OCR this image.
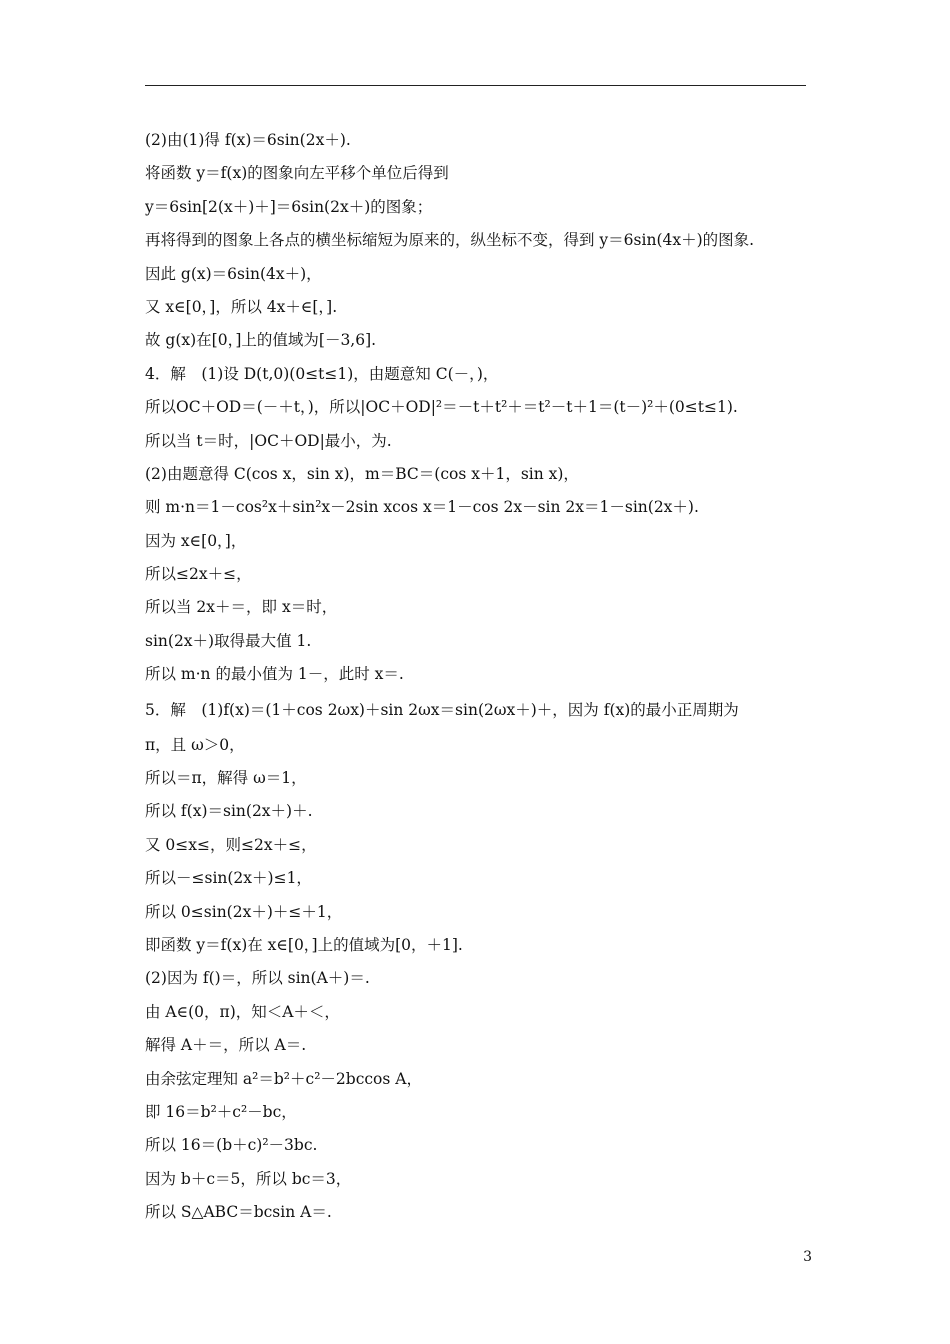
(2)由(1)得 f(x)＝6sin(2x＋).
将函数 y＝f(x)的图象向左平移个单位后得到
y＝6sin[2(x＋)＋]＝6sin(2x＋)的图象；
再将得到的图象上各点的横坐标缩短为原来的，纵坐标不变，得到 y＝6sin(4x＋)的图象.
因此 g(x)＝6sin(4x＋)，
又 x∈[0，]，所以 4x＋∈[，].
故 g(x)在[0，]上的值域为[－3,6].
4．解　(1)设 D(t,0)(0≤t≤1)，由题意知 C(－，)，
所以OC＋OD＝(－＋t，)，所以|OC＋OD|²＝－t＋t²＋＝t²－t＋1＝(t－)²＋(0≤t≤1).
所以当 t＝时，|OC＋OD|最小，为.
(2)由题意得 C(cos x，sin x)，m＝BC＝(cos x＋1，sin x)，
则 m·n＝1－cos²x＋sin²x－2sin xcos x＝1－cos 2x－sin 2x＝1－sin(2x＋).
因为 x∈[0，]，
所以≤2x＋≤，
所以当 2x＋＝，即 x＝时，
sin(2x＋)取得最大值 1.
所以 m·n 的最小值为 1－，此时 x＝.
5．解　(1)f(x)＝(1＋cos 2ωx)＋sin 2ωx＝sin(2ωx＋)＋，因为 f(x)的最小正周期为
π，且 ω＞0，
所以＝π，解得 ω＝1，
所以 f(x)＝sin(2x＋)＋.
又 0≤x≤，则≤2x＋≤，
所以－≤sin(2x＋)≤1，
所以 0≤sin(2x＋)＋≤＋1，
即函数 y＝f(x)在 x∈[0，]上的值域为[0，＋1].
(2)因为 f()＝，所以 sin(A＋)＝.
由 A∈(0，π)，知＜A＋＜，
解得 A＋＝，所以 A＝.
由余弦定理知 a²＝b²＋c²－2bccos A，
即 16＝b²＋c²－bc，
所以 16＝(b＋c)²－3bc.
因为 b＋c＝5，所以 bc＝3，
所以 S△ABC＝bcsin A＝.
3
